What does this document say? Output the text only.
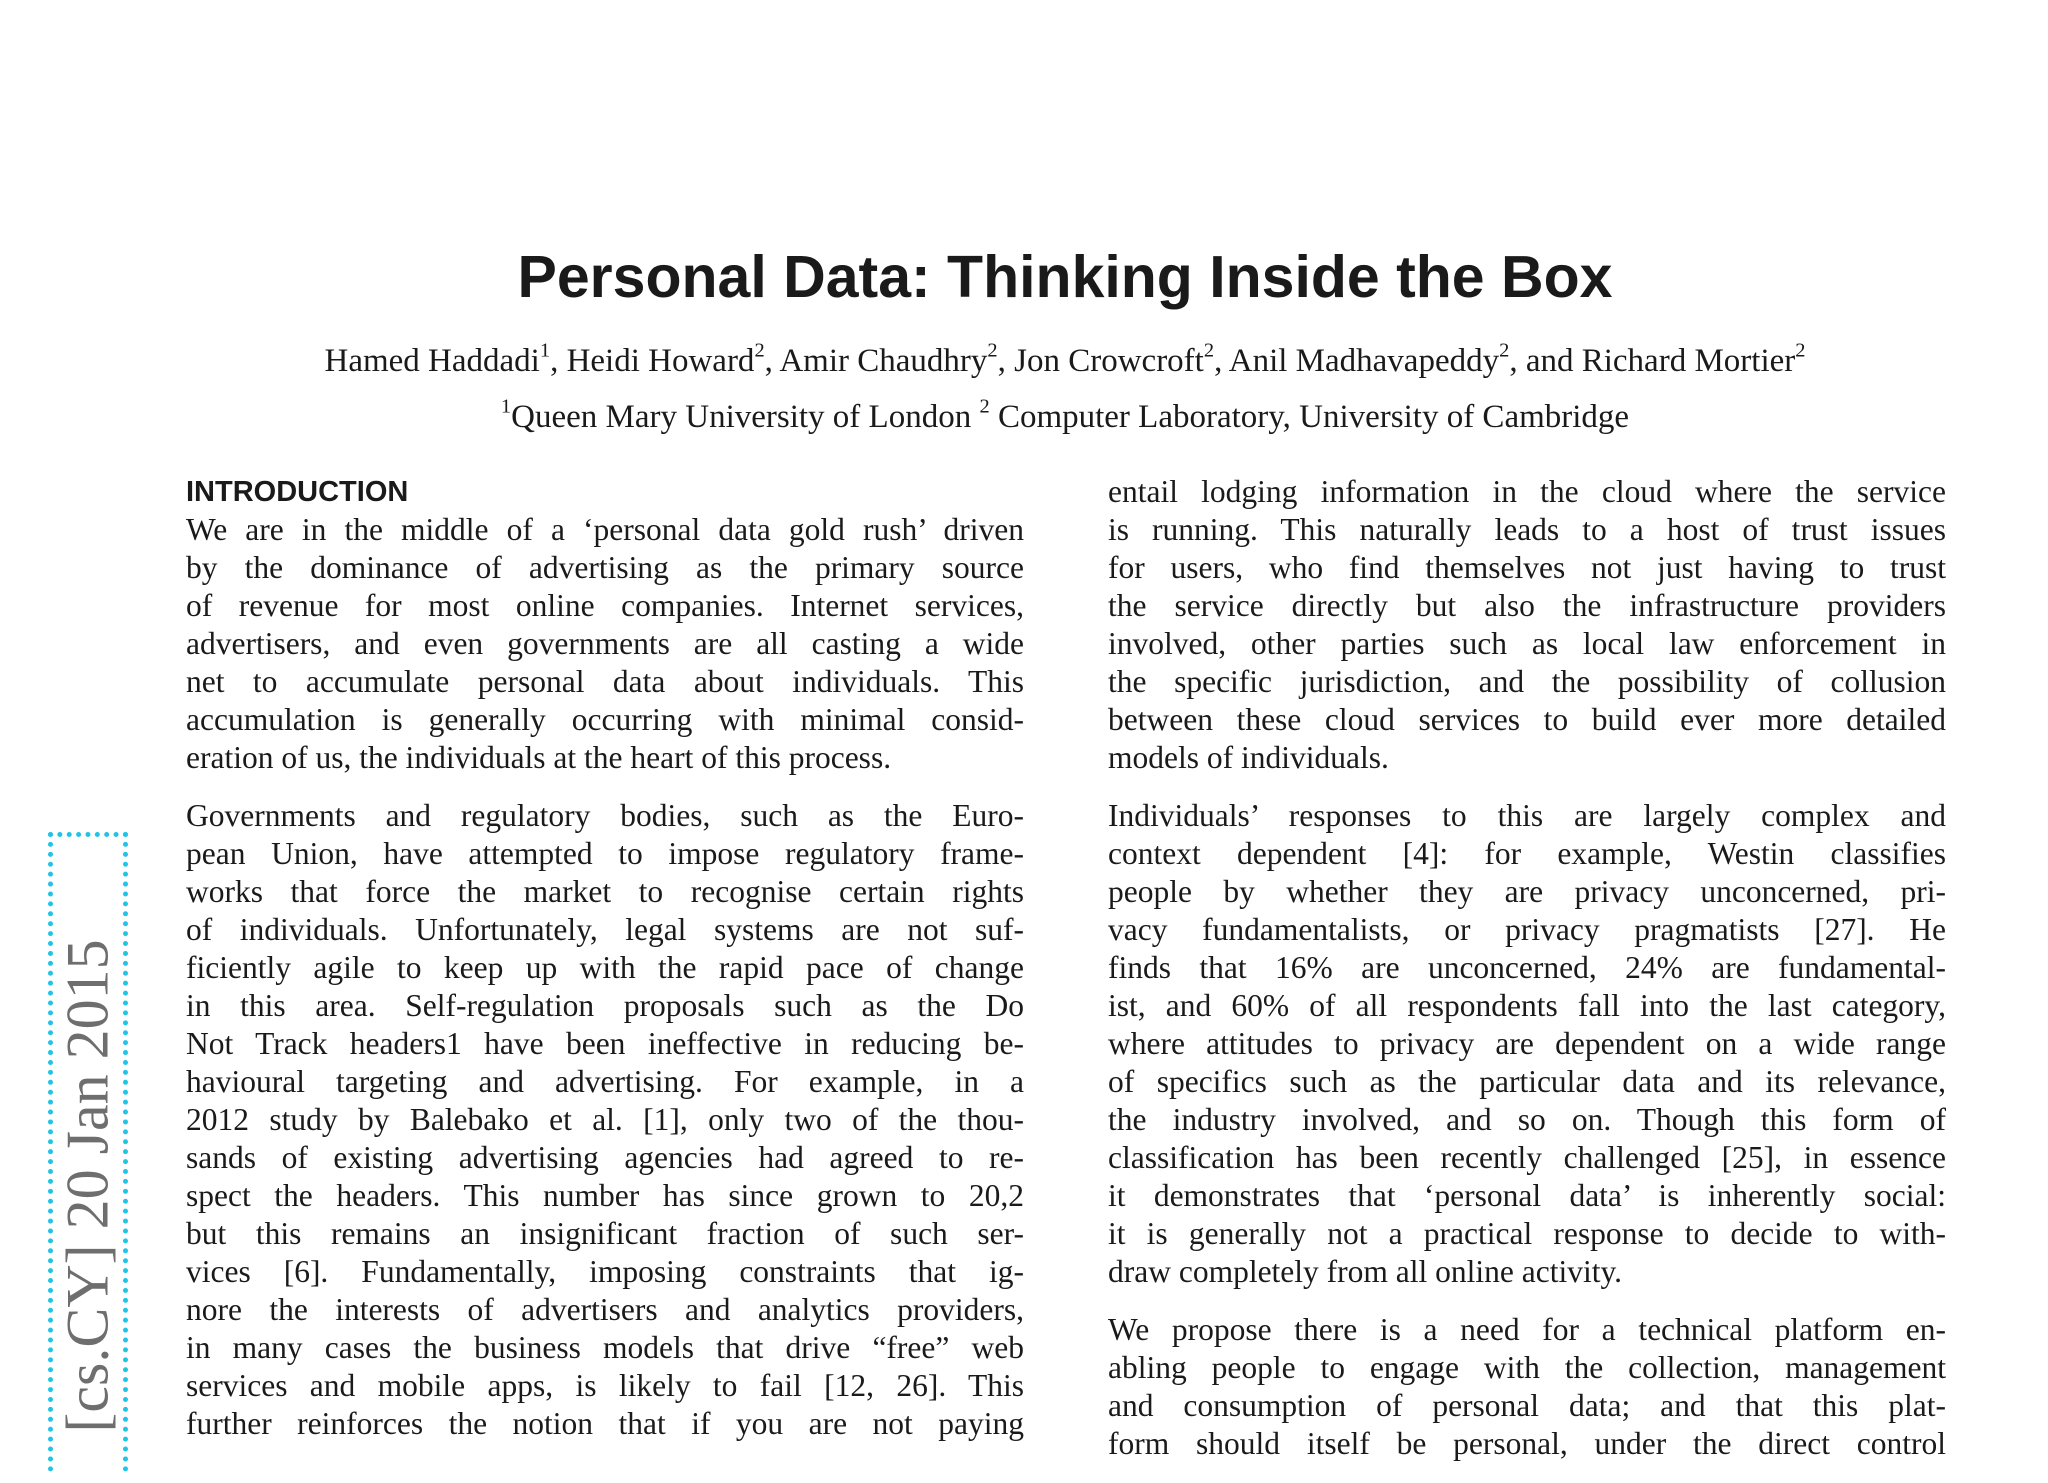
Personal Data: Thinking Inside the Box
Hamed Haddadi$^1$, Heidi Howard$^2$, Amir Chaudhry$^2$, Jon Crowcroft$^2$, Anil Madhavapeddy$^2$, and Richard Mortier$^2$
$^1$Queen Mary University of London $^2$ Computer Laboratory, University of Cambridge
[cs.CY] 20 Jan 2015
INTRODUCTION
We are in the middle of a ‘personal data gold rush’ driven
by the dominance of advertising as the primary source
of revenue for most online companies. Internet services,
advertisers, and even governments are all casting a wide
net to accumulate personal data about individuals. This
accumulation is generally occurring with minimal consid-
eration of us, the individuals at the heart of this process.
Governments and regulatory bodies, such as the Euro-
pean Union, have attempted to impose regulatory frame-
works that force the market to recognise certain rights
of individuals. Unfortunately, legal systems are not suf-
ficiently agile to keep up with the rapid pace of change
in this area. Self-regulation proposals such as the Do
Not Track headers1 have been ineffective in reducing be-
havioural targeting and advertising. For example, in a
2012 study by Balebako et al. [1], only two of the thou-
sands of existing advertising agencies had agreed to re-
spect the headers. This number has since grown to 20,2
but this remains an insignificant fraction of such ser-
vices [6]. Fundamentally, imposing constraints that ig-
nore the interests of advertisers and analytics providers,
in many cases the business models that drive “free” web
services and mobile apps, is likely to fail [12, 26]. This
further reinforces the notion that if you are not paying
entail lodging information in the cloud where the service
is running. This naturally leads to a host of trust issues
for users, who find themselves not just having to trust
the service directly but also the infrastructure providers
involved, other parties such as local law enforcement in
the specific jurisdiction, and the possibility of collusion
between these cloud services to build ever more detailed
models of individuals.
Individuals’ responses to this are largely complex and
context dependent [4]: for example, Westin classifies
people by whether they are privacy unconcerned, pri-
vacy fundamentalists, or privacy pragmatists [27]. He
finds that 16% are unconcerned, 24% are fundamental-
ist, and 60% of all respondents fall into the last category,
where attitudes to privacy are dependent on a wide range
of specifics such as the particular data and its relevance,
the industry involved, and so on. Though this form of
classification has been recently challenged [25], in essence
it demonstrates that ‘personal data’ is inherently social:
it is generally not a practical response to decide to with-
draw completely from all online activity.
We propose there is a need for a technical platform en-
abling people to engage with the collection, management
and consumption of personal data; and that this plat-
form should itself be personal, under the direct control
